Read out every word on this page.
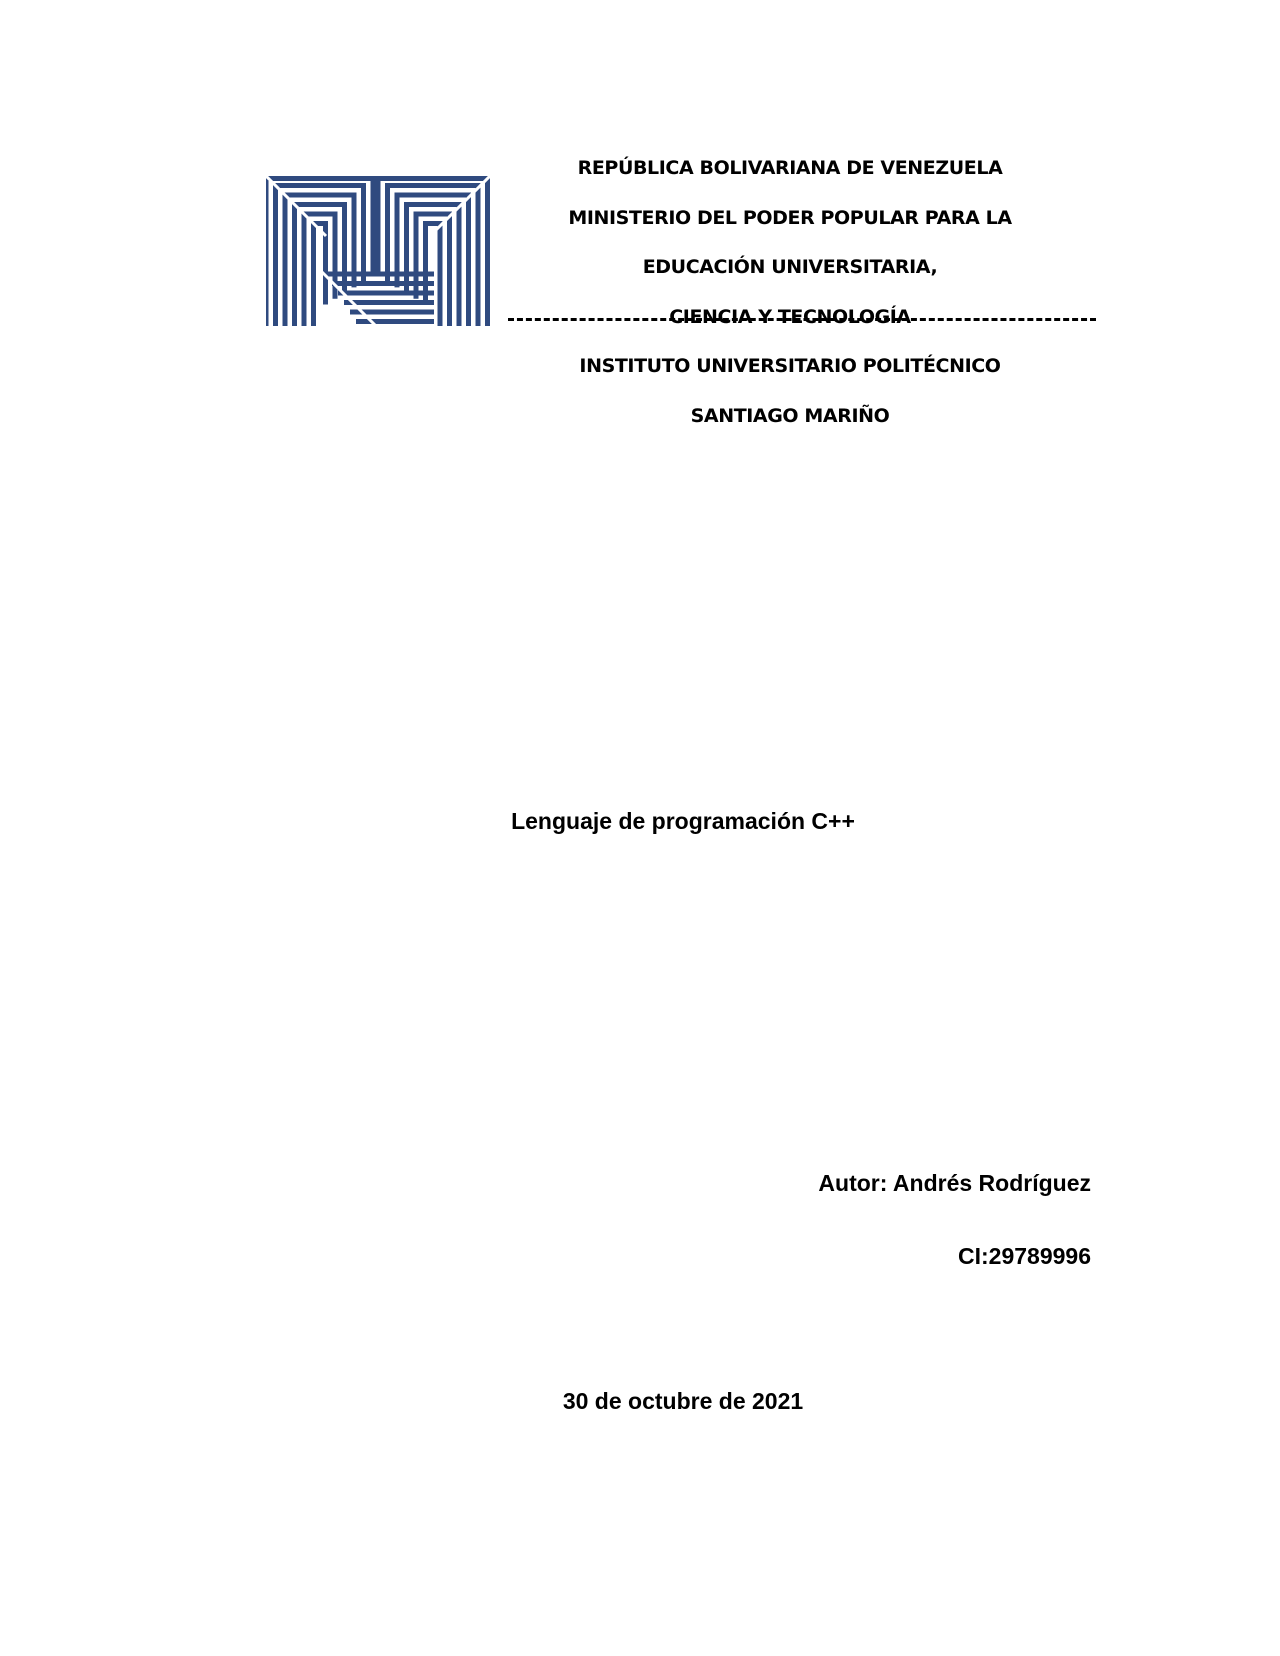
REPÚBLICA BOLIVARIANA DE VENEZUELA
MINISTERIO DEL PODER POPULAR PARA LA
EDUCACIÓN UNIVERSITARIA,
CIENCIA Y TECNOLOGÍA
INSTITUTO UNIVERSITARIO POLITÉCNICO
SANTIAGO MARIÑO
Lenguaje de programación C++
Autor: Andrés Rodríguez
CI:29789996
30 de octubre de 2021
